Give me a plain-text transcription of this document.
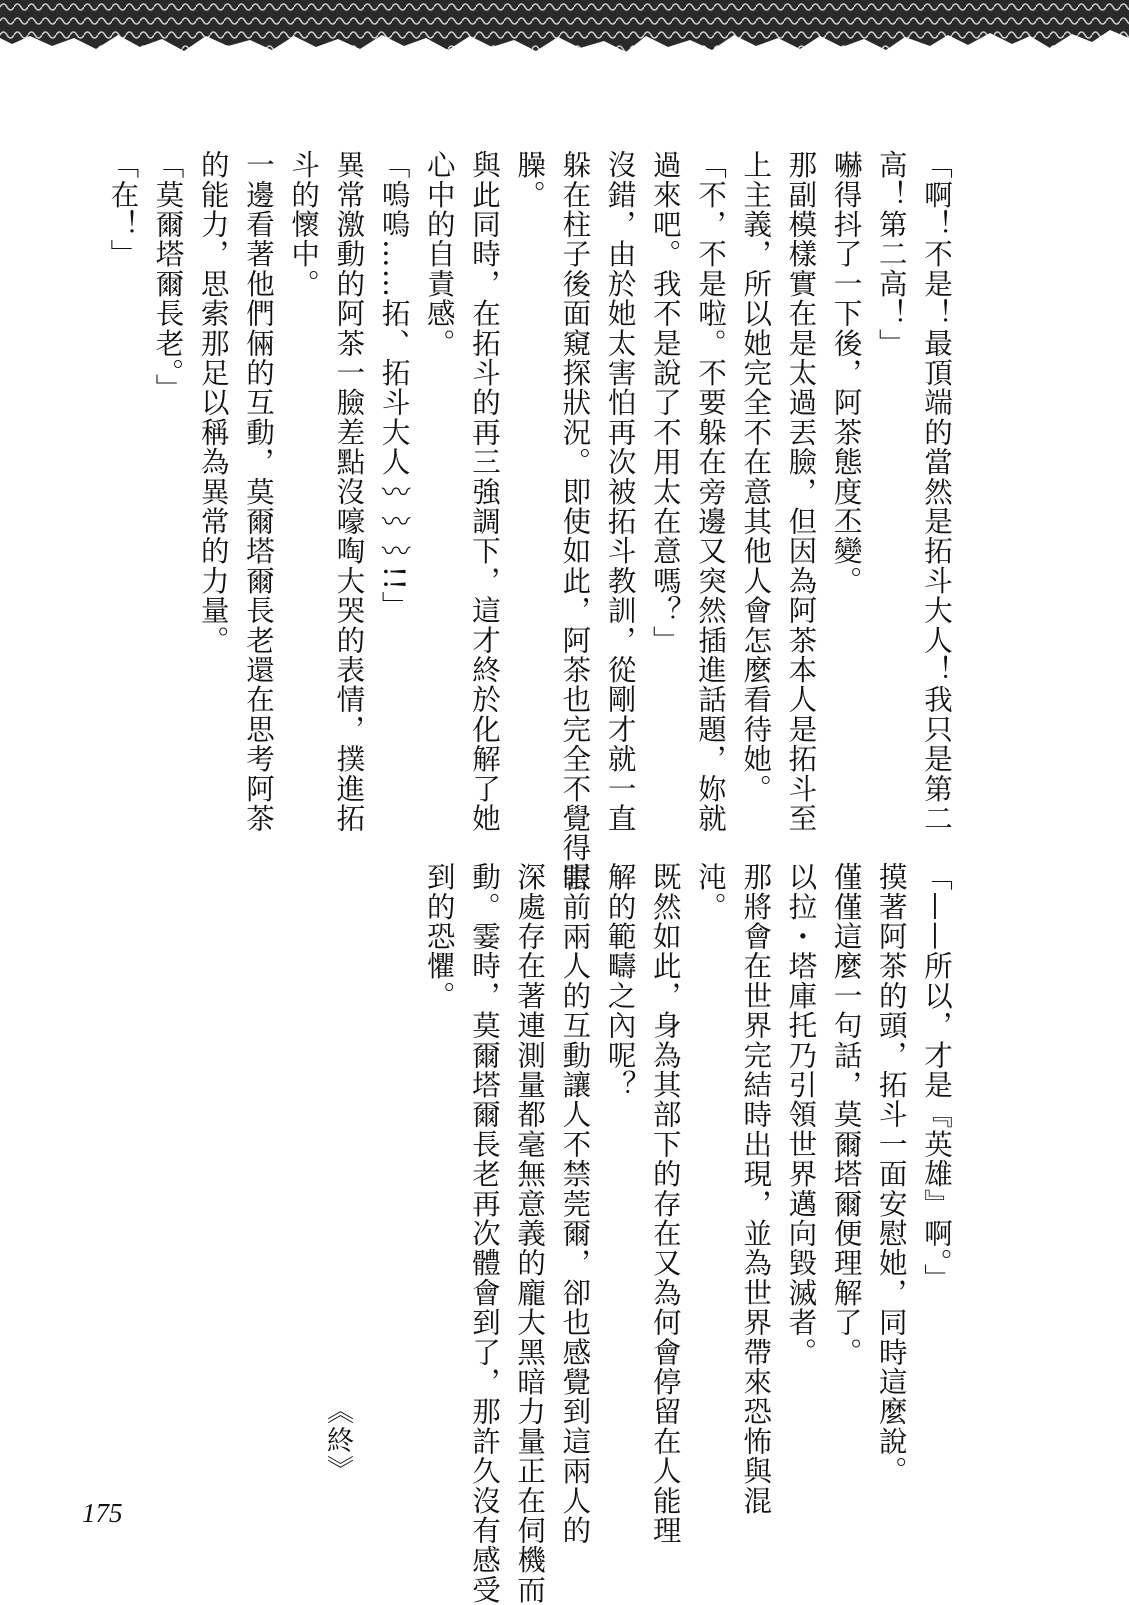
「啊！不是！最頂端的當然是拓斗大人！我只是第二
高！第二高！」
嚇得抖了一下後，阿茶態度丕變。
那副模樣實在是太過丟臉，但因為阿茶本人是拓斗至
上主義，所以她完全不在意其他人會怎麼看待她。
「不，不是啦。不要躲在旁邊又突然插進話題，妳就
過來吧。我不是說了不用太在意嗎？」
沒錯，由於她太害怕再次被拓斗教訓，從剛才就一直
躲在柱子後面窺探狀況。即使如此，阿茶也完全不覺得害
臊。
與此同時，在拓斗的再三強調下，這才終於化解了她
心中的自責感。
「嗚嗚……拓、拓斗大人〰〰〰!!」
異常激動的阿茶一臉差點沒嚎啕大哭的表情，撲進拓
斗的懷中。
一邊看著他們倆的互動，莫爾塔爾長老還在思考阿茶
的能力，思索那足以稱為異常的力量。
「莫爾塔爾長老。」
「在！」
「——所以，才是『英雄』啊。」
摸著阿茶的頭，拓斗一面安慰她，同時這麼說。
僅僅這麼一句話，莫爾塔爾便理解了。
以拉・塔庫托乃引領世界邁向毀滅者。
那將會在世界完結時出現，並為世界帶來恐怖與混
沌。
既然如此，身為其部下的存在又為何會停留在人能理
解的範疇之內呢？
眼前兩人的互動讓人不禁莞爾，卻也感覺到這兩人的
深處存在著連測量都毫無意義的龐大黑暗力量正在伺機而
動。霎時，莫爾塔爾長老再次體會到了，那許久沒有感受
到的恐懼。
《終》
175
